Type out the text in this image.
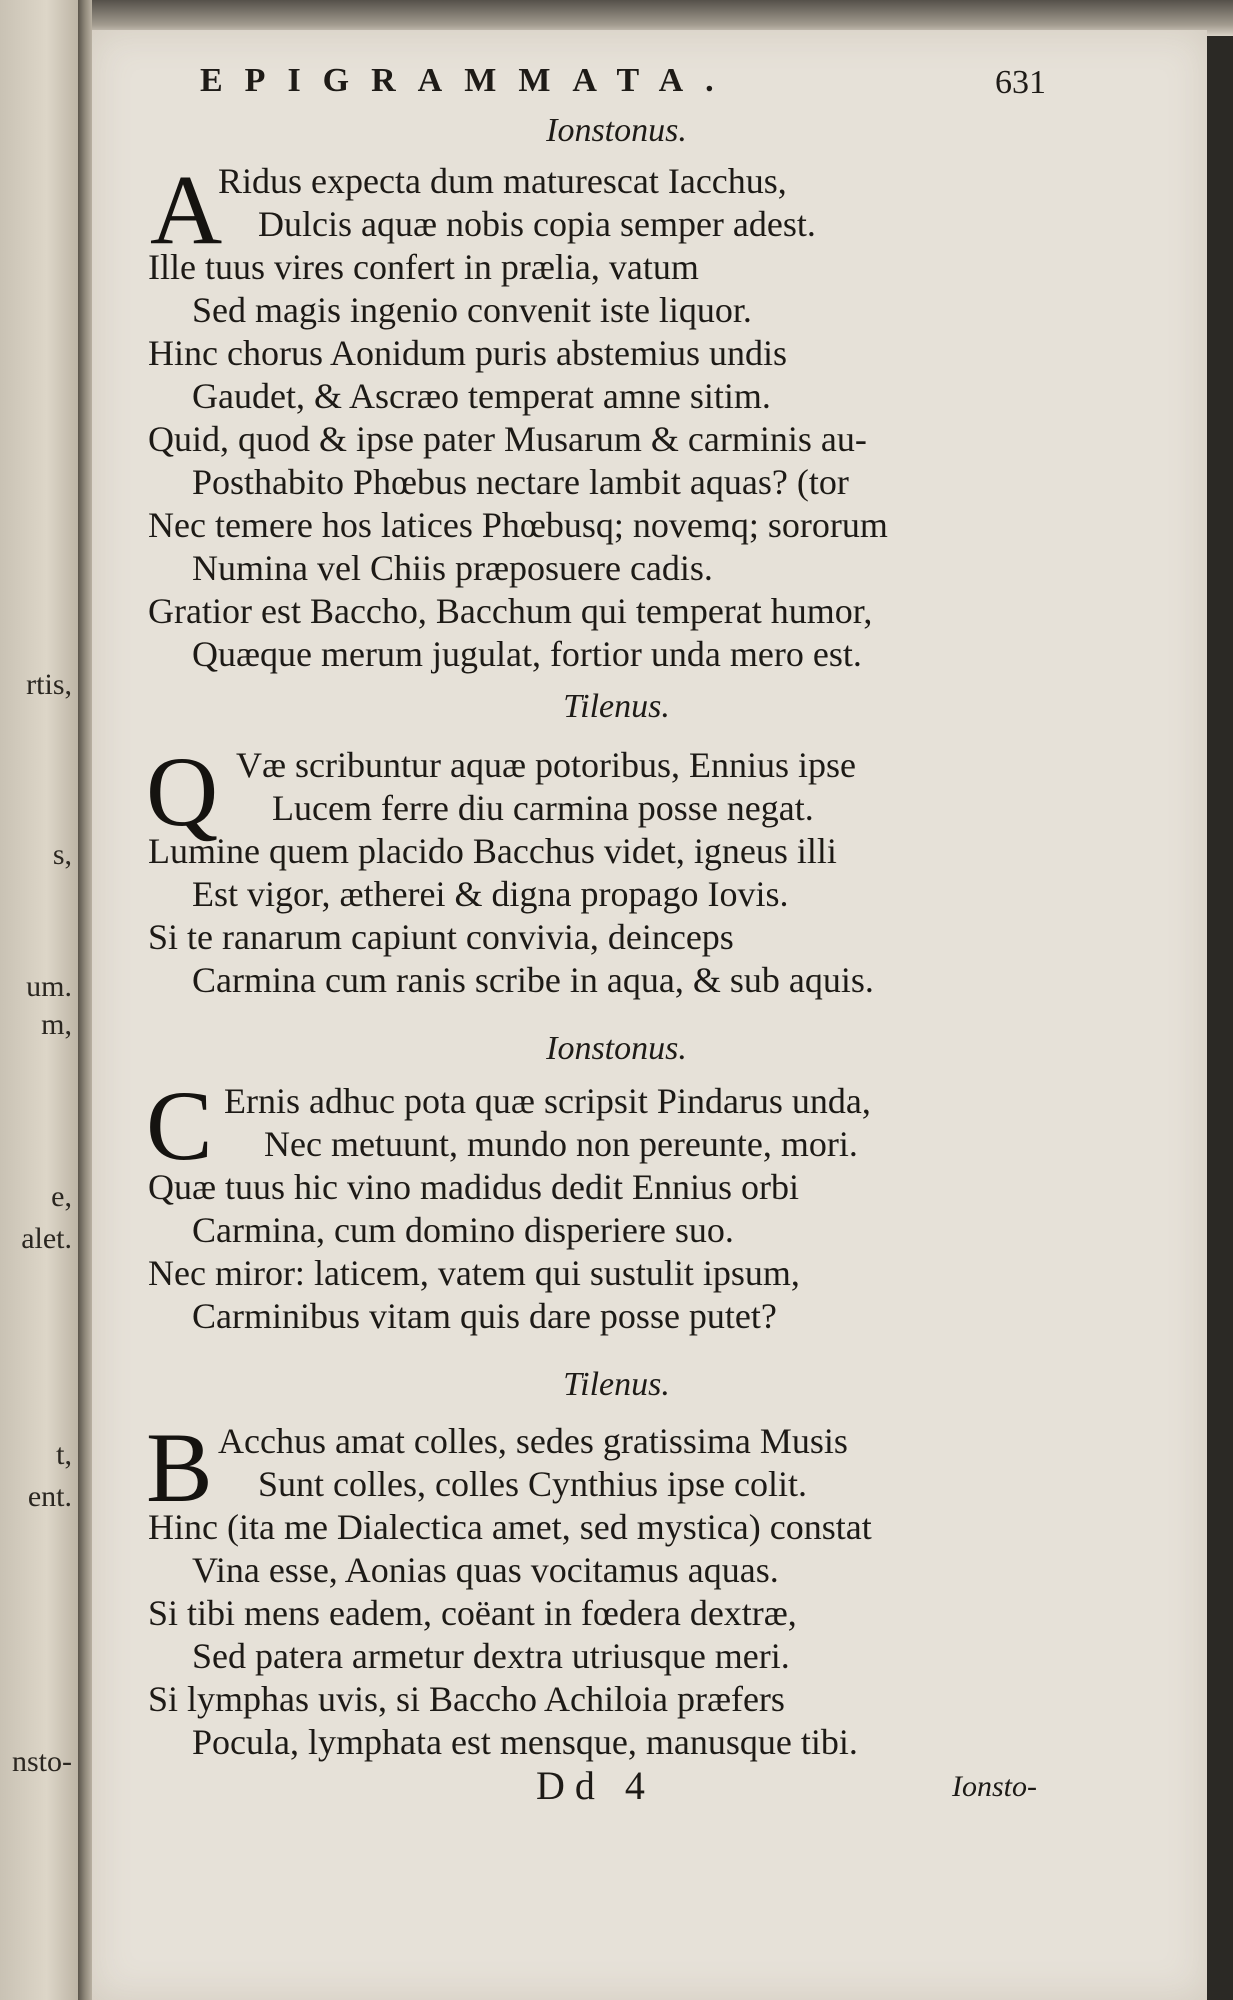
rtis,
s,
um.
m,
e,
alet.
t,
ent.
nsto-
EPIGRAMMATA.	631
Ionstonus.
A
Ridus expecta dum maturescat Iacchus,
Dulcis aquæ nobis copia semper adest.
Ille tuus vires confert in prælia, vatum
Sed magis ingenio convenit iste liquor.
Hinc chorus Aonidum puris abstemius undis
Gaudet, & Ascræo temperat amne sitim.
Quid, quod & ipse pater Musarum & carminis au-
Posthabito Phœbus nectare lambit aquas? (tor
Nec temere hos latices Phœbusq; novemq; sororum
Numina vel Chiis præposuere cadis.
Gratior est Baccho, Bacchum qui temperat humor,
Quæque merum jugulat, fortior unda mero est.
Tilenus.
Q Væ scribuntur aquæ potoribus, Ennius ipse
Lucem ferre diu carmina posse negat.
Lumine quem placido Bacchus videt, igneus illi
Est vigor, ætherei & digna propago Iovis.
Si te ranarum capiunt convivia, deinceps
Carmina cum ranis scribe in aqua, & sub aquis.
Ionstonus.
C Ernis adhuc pota quæ scripsit Pindarus unda,
Nec metuunt, mundo non pereunte, mori.
Quæ tuus hic vino madidus dedit Ennius orbi
Carmina, cum domino disperiere suo.
Nec miror: laticem, vatem qui sustulit ipsum,
Carminibus vitam quis dare posse putet?
Tilenus.
B Acchus amat colles, sedes gratissima Musis
Sunt colles, colles Cynthius ipse colit.
Hinc (ita me Dialectica amet, sed mystica) constat
Vina esse, Aonias quas vocitamus aquas.
Si tibi mens eadem, coëant in fœdera dextræ,
Sed patera armetur dextra utriusque meri.
Si lymphas uvis, si Baccho Achiloia præfers
Pocula, lymphata est mensque, manusque tibi.
Dd 4	Ionsto-
